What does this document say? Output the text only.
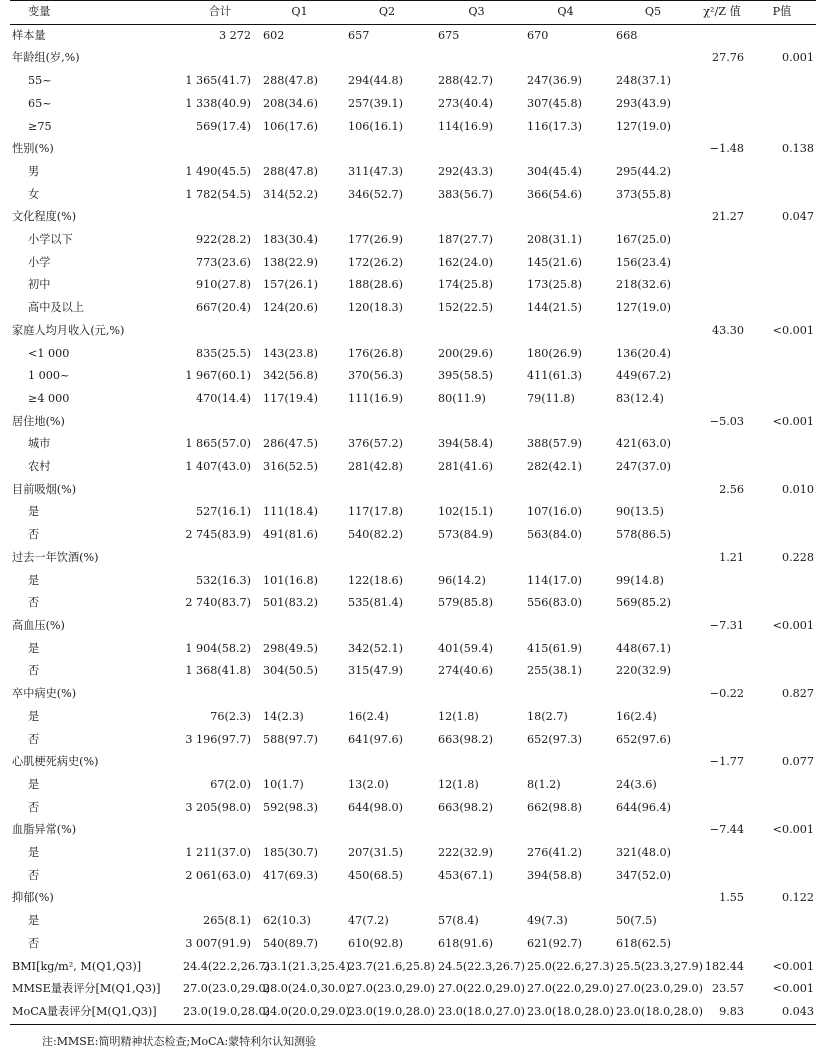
变量	合计	Q1	Q2	Q3	Q4	Q5	χ²/Z 值	P值
样本量	3 272	602	657	675	670	668		
年龄组(岁,%)							27.76	0.001
55~	1 365(41.7)	288(47.8)	294(44.8)	288(42.7)	247(36.9)	248(37.1)		
65~	1 338(40.9)	208(34.6)	257(39.1)	273(40.4)	307(45.8)	293(43.9)		
≥75	569(17.4)	106(17.6)	106(16.1)	114(16.9)	116(17.3)	127(19.0)		
性别(%)							−1.48	0.138
男	1 490(45.5)	288(47.8)	311(47.3)	292(43.3)	304(45.4)	295(44.2)		
女	1 782(54.5)	314(52.2)	346(52.7)	383(56.7)	366(54.6)	373(55.8)		
文化程度(%)							21.27	0.047
小学以下	922(28.2)	183(30.4)	177(26.9)	187(27.7)	208(31.1)	167(25.0)		
小学	773(23.6)	138(22.9)	172(26.2)	162(24.0)	145(21.6)	156(23.4)		
初中	910(27.8)	157(26.1)	188(28.6)	174(25.8)	173(25.8)	218(32.6)		
高中及以上	667(20.4)	124(20.6)	120(18.3)	152(22.5)	144(21.5)	127(19.0)		
家庭人均月收入(元,%)							43.30	<0.001
<1 000	835(25.5)	143(23.8)	176(26.8)	200(29.6)	180(26.9)	136(20.4)		
1 000~	1 967(60.1)	342(56.8)	370(56.3)	395(58.5)	411(61.3)	449(67.2)		
≥4 000	470(14.4)	117(19.4)	111(16.9)	80(11.9)	79(11.8)	83(12.4)		
居住地(%)							−5.03	<0.001
城市	1 865(57.0)	286(47.5)	376(57.2)	394(58.4)	388(57.9)	421(63.0)		
农村	1 407(43.0)	316(52.5)	281(42.8)	281(41.6)	282(42.1)	247(37.0)		
目前吸烟(%)							2.56	0.010
是	527(16.1)	111(18.4)	117(17.8)	102(15.1)	107(16.0)	90(13.5)		
否	2 745(83.9)	491(81.6)	540(82.2)	573(84.9)	563(84.0)	578(86.5)		
过去一年饮酒(%)							1.21	0.228
是	532(16.3)	101(16.8)	122(18.6)	96(14.2)	114(17.0)	99(14.8)		
否	2 740(83.7)	501(83.2)	535(81.4)	579(85.8)	556(83.0)	569(85.2)		
高血压(%)							−7.31	<0.001
是	1 904(58.2)	298(49.5)	342(52.1)	401(59.4)	415(61.9)	448(67.1)		
否	1 368(41.8)	304(50.5)	315(47.9)	274(40.6)	255(38.1)	220(32.9)		
卒中病史(%)							−0.22	0.827
是	76(2.3)	14(2.3)	16(2.4)	12(1.8)	18(2.7)	16(2.4)		
否	3 196(97.7)	588(97.7)	641(97.6)	663(98.2)	652(97.3)	652(97.6)		
心肌梗死病史(%)							−1.77	0.077
是	67(2.0)	10(1.7)	13(2.0)	12(1.8)	8(1.2)	24(3.6)		
否	3 205(98.0)	592(98.3)	644(98.0)	663(98.2)	662(98.8)	644(96.4)		
血脂异常(%)							−7.44	<0.001
是	1 211(37.0)	185(30.7)	207(31.5)	222(32.9)	276(41.2)	321(48.0)		
否	2 061(63.0)	417(69.3)	450(68.5)	453(67.1)	394(58.8)	347(52.0)		
抑郁(%)							1.55	0.122
是	265(8.1)	62(10.3)	47(7.2)	57(8.4)	49(7.3)	50(7.5)		
否	3 007(91.9)	540(89.7)	610(92.8)	618(91.6)	621(92.7)	618(62.5)		
BMI[kg/m², M(Q1,Q3)]	24.4(22.2,26.7)	23.1(21.3,25.4)	23.7(21.6,25.8)	24.5(22.3,26.7)	25.0(22.6,27.3)	25.5(23.3,27.9)	182.44	<0.001
MMSE量表评分[M(Q1,Q3)]	27.0(23.0,29.0)	28.0(24.0,30.0)	27.0(23.0,29.0)	27.0(22.0,29.0)	27.0(22.0,29.0)	27.0(23.0,29.0)	23.57	<0.001
MoCA量表评分[M(Q1,Q3)]	23.0(19.0,28.0)	24.0(20.0,29.0)	23.0(19.0,28.0)	23.0(18.0,27.0)	23.0(18.0,28.0)	23.0(18.0,28.0)	9.83	0.043
注:MMSE:简明精神状态检查;MoCA:蒙特利尔认知测验
